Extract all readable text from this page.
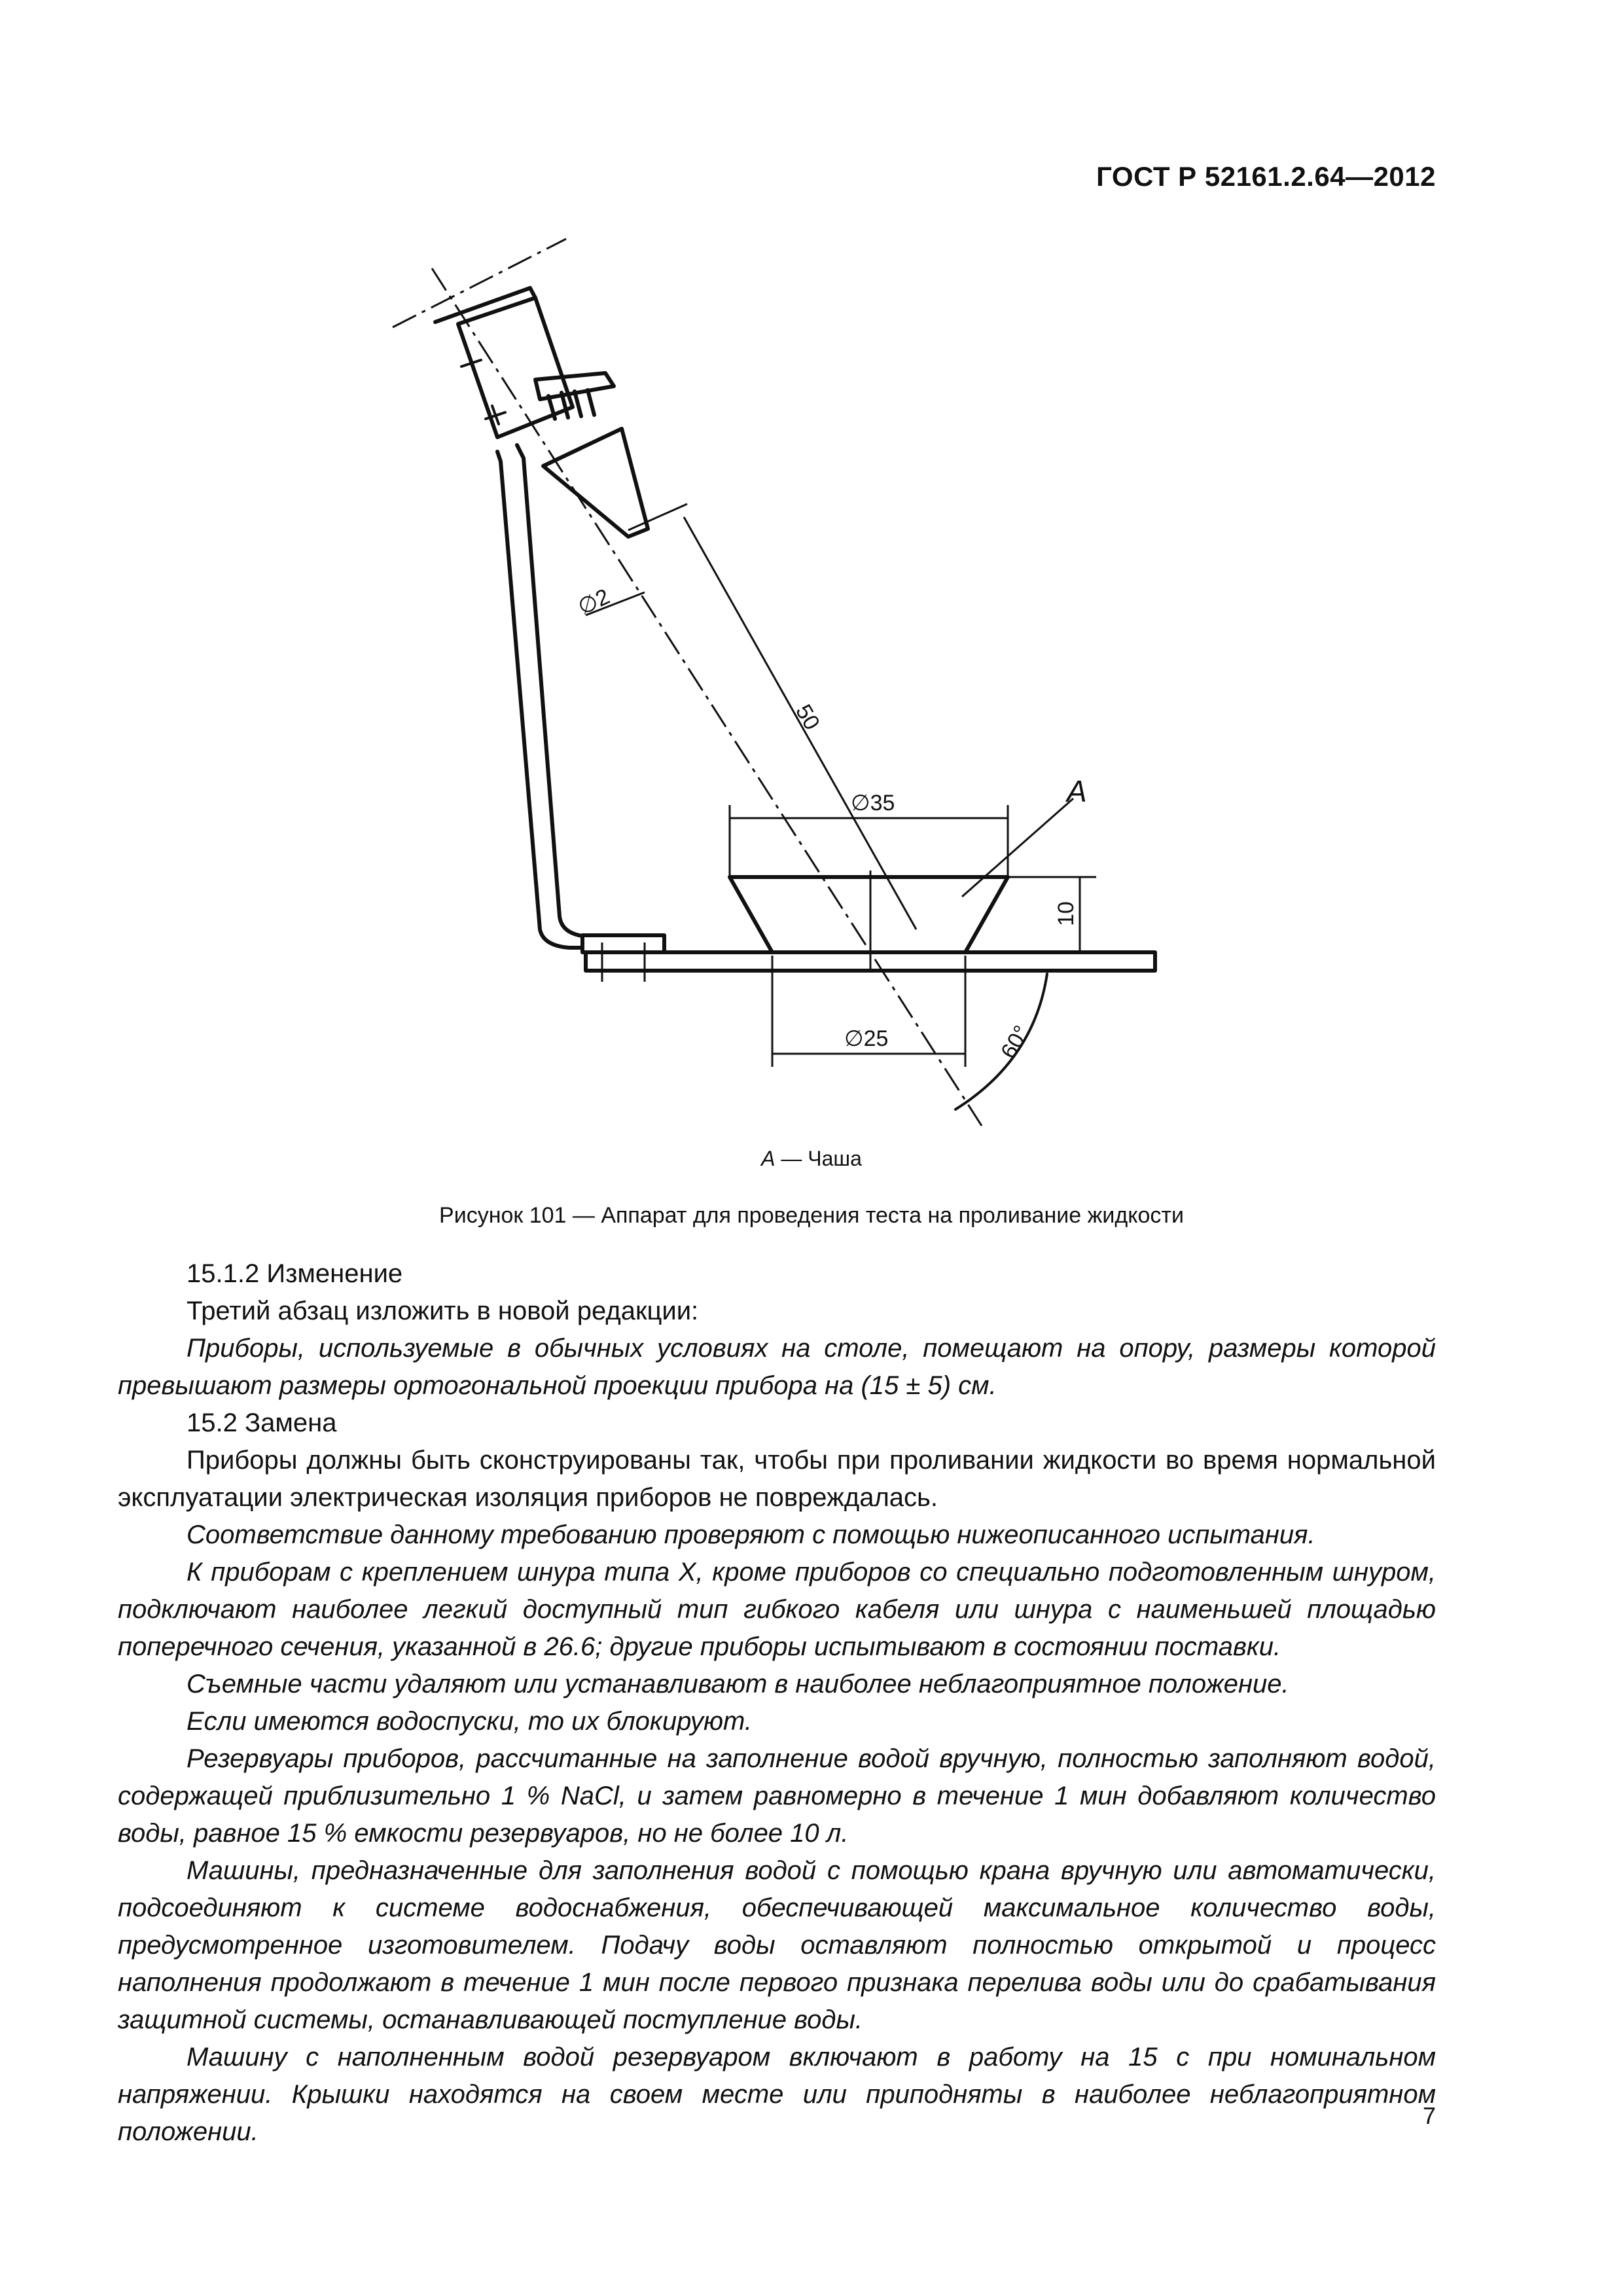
ГОСТ Р 52161.2.64—2012
∅2
50
∅35
10
∅25	60°
A
A — Чаша
Рисунок 101 — Аппарат для проведения теста на проливание жидкости

15.1.2 Изменение

Третий абзац изложить в новой редакции:

Приборы, используемые в обычных условиях на столе, помещают на опору, размеры которой превышают размеры ортогональной проекции прибора на (15 ± 5) см.

15.2 Замена

Приборы должны быть сконструированы так, чтобы при проливании жидкости во время нормальной эксплуатации электрическая изоляция приборов не повреждалась.

Соответствие данному требованию проверяют с помощью нижеописанного испытания.

К приборам с креплением шнура типа X, кроме приборов со специально подготовленным шнуром, подключают наиболее легкий доступный тип гибкого кабеля или шнура с наименьшей площадью поперечного сечения, указанной в 26.6; другие приборы испытывают в состоянии поставки.

Съемные части удаляют или устанавливают в наиболее неблагоприятное положение.

Если имеются водоспуски, то их блокируют.

Резервуары приборов, рассчитанные на заполнение водой вручную, полностью заполняют водой, содержащей приблизительно 1 % NaCl, и затем равномерно в течение 1 мин добавляют количество воды, равное 15 % емкости резервуаров, но не более 10 л.

Машины, предназначенные для заполнения водой с помощью крана вручную или автоматически, подсоединяют к системе водоснабжения, обеспечивающей максимальное количество воды, предусмотренное изготовителем. Подачу воды оставляют полностью открытой и процесс наполнения продолжают в течение 1 мин после первого признака перелива воды или до срабатывания защитной системы, останавливающей поступление воды.

Машину с наполненным водой резервуаром включают в работу на 15 с при номинальном напряжении. Крышки находятся на своем месте или приподняты в наиболее неблагоприятном положении.

7
